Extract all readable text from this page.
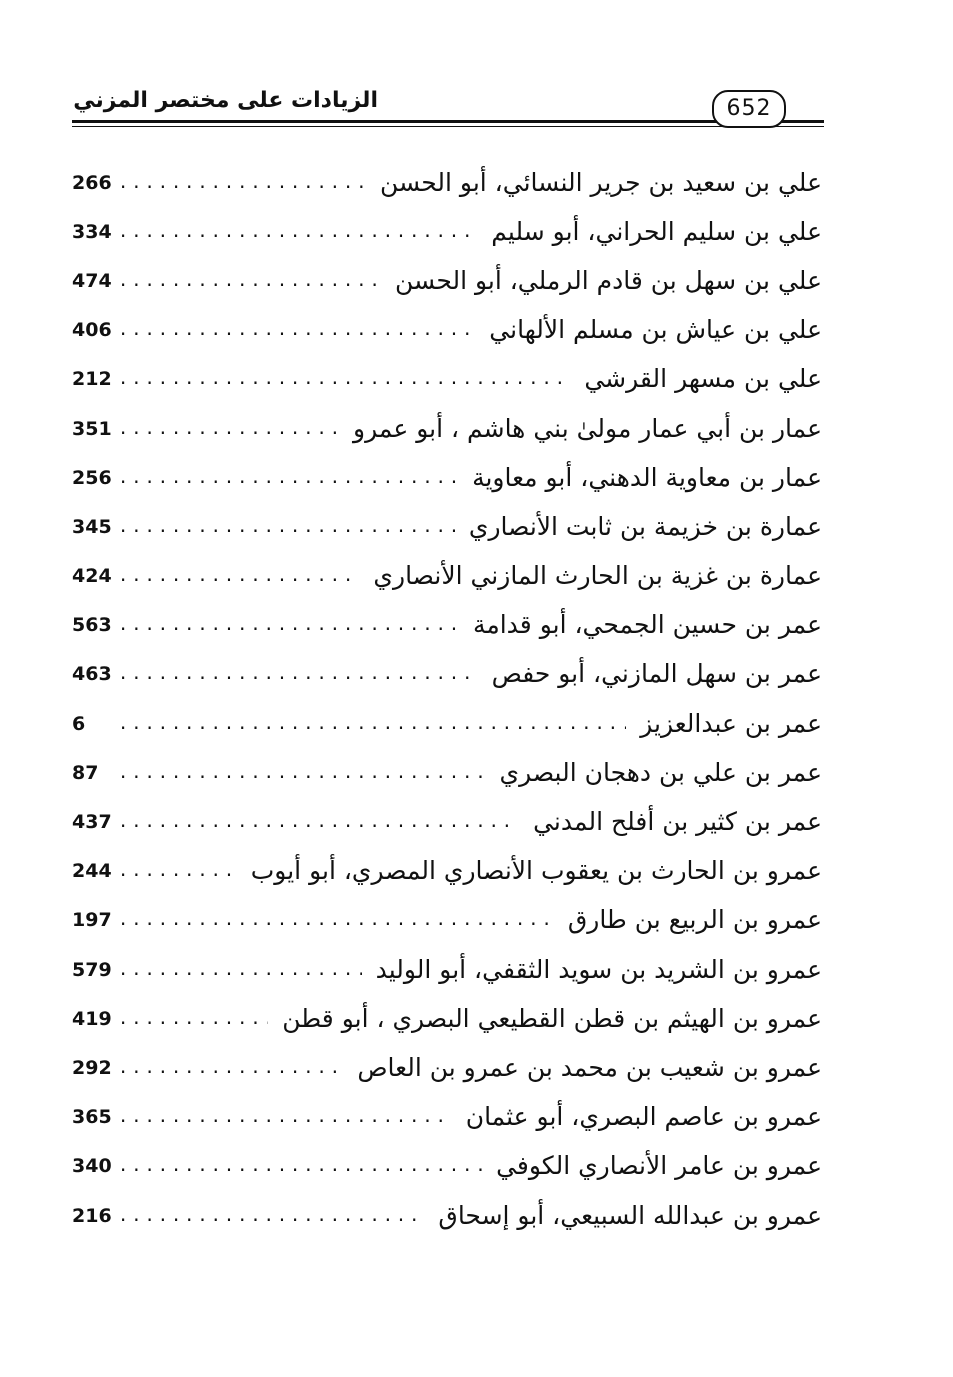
الزيادات على مختصر المزني	652
علي بن سعيد بن جرير النسائي، أبو الحسن
.....
266
علي بن سليم الحراني، أبو سليم
.....
334
علي بن سهل بن قادم الرملي، أبو الحسن
.....
474
علي بن عياش بن مسلم الألهاني
.....
406
علي بن مسهر القرشي
.....
212
عمار بن أبي عمار مولىٰ بني هاشم ، أبو عمرو
.....
351
عمار بن معاوية الدهني، أبو معاوية
.....
256
عمارة بن خزيمة بن ثابت الأنصاري
.....
345
عمارة بن غزية بن الحارث المازني الأنصاري
.....
424
عمر بن حسين الجمحي، أبو قدامة
.....
563
عمر بن سهل المازني، أبو حفص
.....
463
عمر بن عبدالعزيز
.....
6
عمر بن علي بن دهجان البصري
.....
87
عمر بن كثير بن أفلح المدني
.....
437
عمرو بن الحارث بن يعقوب الأنصاري المصري، أبو أيوب
.....
244
عمرو بن الربيع بن طارق
.....
197
عمرو بن الشريد بن سويد الثقفي، أبو الوليد
.....
579
عمرو بن الهيثم بن قطن القطيعي البصري ، أبو قطن
.....
419
عمرو بن شعيب بن محمد بن عمرو بن العاص
.....
292
عمرو بن عاصم البصري، أبو عثمان
.....
365
عمرو بن عامر الأنصاري الكوفي
.....
340
عمرو بن عبدالله السبيعي، أبو إسحاق
.....
216
